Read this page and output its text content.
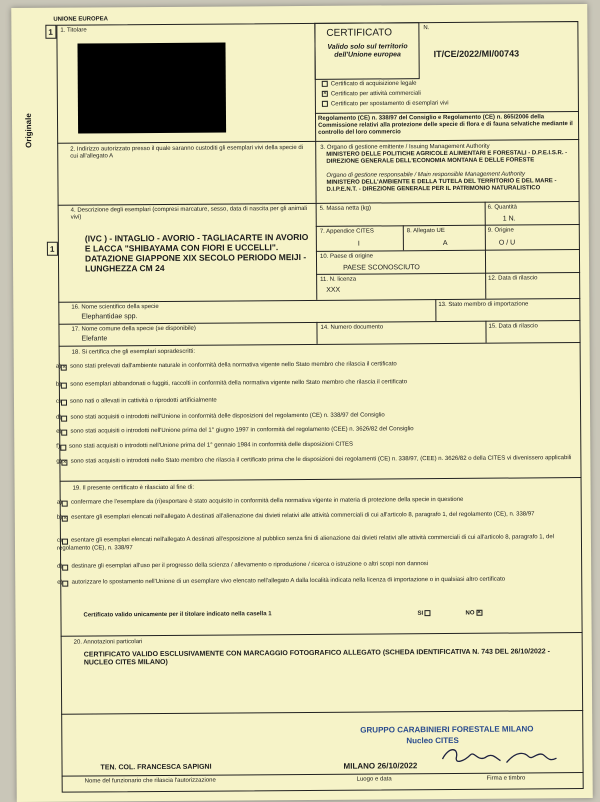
UNIONE EUROPEA
1
Originale
1. Titolare	CERTIFICATO
Valido solo sul territorio dell'Unione europea
N.
IT/CE/2022/MI/00743
Certificato di acquisizione legale
× Certificato per attività commerciali
Certificato per spostamento di esemplari vivi
Regolamento (CE) n. 338/97 del Consiglio e Regolamento (CE) n. 865/2006 della Commissione relativi alla protezione delle specie di flora e di fauna selvatiche mediante il controllo del loro commercio
2. Indirizzo autorizzato presso il quale saranno custoditi gli esemplari vivi della specie di cui all'allegato A
3. Organo di gestione emittente / Issuing Management Authority
MINISTERO DELLE POLITICHE AGRICOLE ALIMENTARI E FORESTALI - D.P.E.I.S.R. - DIREZIONE GENERALE DELL'ECONOMIA MONTANA E DELLE FORESTE
Organo di gestione responsabile / Main responsible Management Authority
MINISTERO DELL'AMBIENTE E DELLA TUTELA DEL TERRITORIO E DEL MARE - D.I.P.E.N.T. - DIREZIONE GENERALE PER IL PATRIMONIO NATURALISTICO
4. Descrizione degli esemplari (compresi marcature, sesso, data di nascita per gli animali vivi)
1
(IVC ) - INTAGLIO - AVORIO - TAGLIACARTE IN AVORIO E LACCA "SHIBAYAMA CON FIORI E UCCELLI". DATAZIONE GIAPPONE XIX SECOLO PERIODO MEIJI - LUNGHEZZA CM 24
5. Massa netta (kg)	6. Quantità
1 N.
7. Appendice CITES
I
8. Allegato UE
A
9. Origine
O / U
10. Paese di origine
PAESE SCONOSCIUTO
11. N. licenza
XXX
12. Data di rilascio
16. Nome scientifico della specie
Elephantidae spp.
13. Stato membro di importazione
17. Nome comune della specie (se disponibile)
Elefante
14. Numero documento	15. Data di rilascio
18. Si certifica che gli esemplari sopradescritti:
a)× sono stati prelevati dall'ambiente naturale in conformità della normativa vigente nello Stato membro che rilascia il certificato
b) sono esemplari abbandonati o fuggiti, raccolti in conformità della normativa vigente nello Stato membro che rilascia il certificato
c) sono nati o allevati in cattività o riprodotti artificialmente
d) sono stati acquisiti o introdotti nell'Unione in conformità delle disposizioni del regolamento (CE) n. 338/97 del Consiglio
e) sono stati acquisiti o introdotti nell'Unione prima del 1° giugno 1997 in conformità del regolamento (CEE) n. 3626/82 del Consiglio
f) sono stati acquisiti o introdotti nell'Unione prima del 1° gennaio 1984 in conformità delle disposizioni CITES
g)× sono stati acquisiti o introdotti nello Stato membro che rilascia il certificato prima che le disposizioni dei regolamenti (CE) n. 338/97, (CEE) n. 3626/82 o della CITES vi divenissero applicabili
19. Il presente certificato è rilasciato al fine di:
a) confermare che l'esemplare da (ri)esportare è stato acquisito in conformità della normativa vigente in materia di protezione della specie in questione
b)× esentare gli esemplari elencati nell'allegato A destinati all'alienazione dai divieti relativi alle attività commerciali di cui all'articolo 8, paragrafo 1, del regolamento (CE), n. 338/97
c) esentare gli esemplari elencati nell'allegato A destinati all'esposizione al pubblico senza fini di alienazione dai divieti relativi alle attività commerciali di cui all'articolo 8, paragrafo 1, del regolamento (CE), n. 338/97
d) destinare gli esemplari all'uso per il progresso della scienza / allevamento o riproduzione / ricerca o istruzione o altri scopi non dannosi
e) autorizzare lo spostamento nell'Unione di un esemplare vivo elencato nell'allegato A dalla località indicata nella licenza di importazione o in qualsiasi altro certificato
Certificato valido unicamente per il titolare indicato nella casella 1	SI	NO ×
20. Annotazioni particolari
CERTIFICATO VALIDO ESCLUSIVAMENTE CON MARCAGGIO FOTOGRAFICO ALLEGATO (SCHEDA IDENTIFICATIVA N. 743 DEL 26/10/2022 - NUCLEO CITES MILANO)
GRUPPO CARABINIERI FORESTALE MILANO
Nucleo CITES
TEN. COL. FRANCESCA SAPIGNI	MILANO 26/10/2022
Nome del funzionario che rilascia l'autorizzazione	Luogo e data	Firma e timbro
